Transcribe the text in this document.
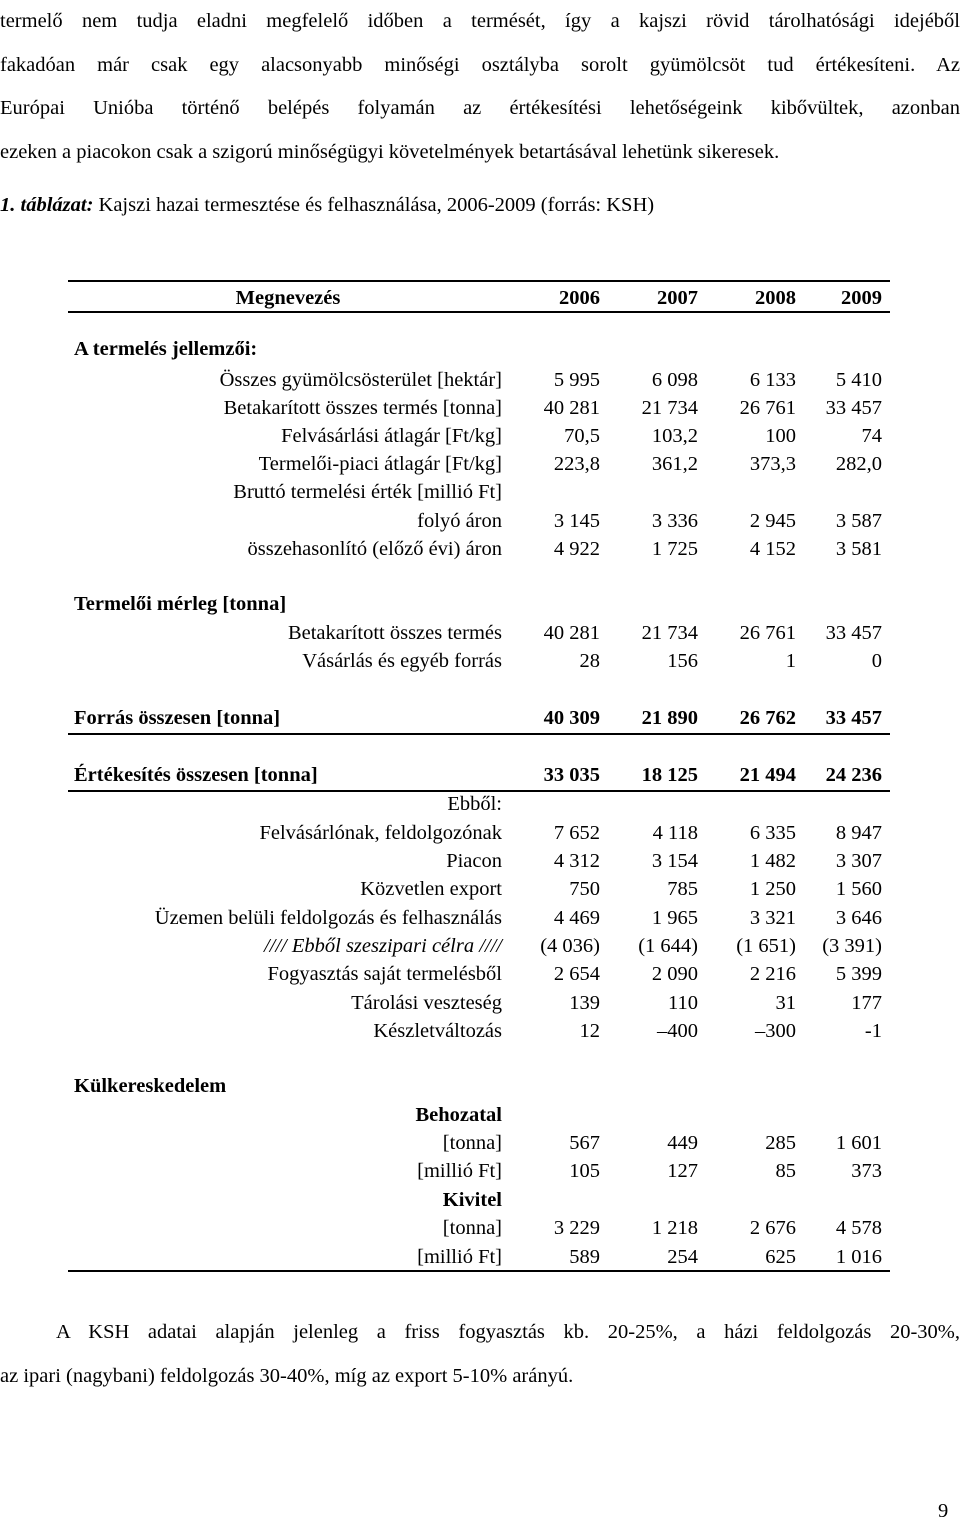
termelő nem tudja eladni megfelelő időben a termését, így a kajszi rövid tárolhatósági idejéből
fakadóan már csak egy alacsonyabb minőségi osztályba sorolt gyümölcsöt tud értékesíteni. Az
Európai Unióba történő belépés folyamán az értékesítési lehetőségeink kibővültek, azonban
ezeken a piacokon csak a szigorú minőségügyi követelmények betartásával lehetünk sikeresek.
1. táblázat: Kajszi hazai termesztése és felhasználása, 2006-2009 (forrás: KSH)
Megnevezés	2006	2007	2008	2009
A termelés jellemzői:
Összes gyümölcsösterület [hektár]	5 995	6 098	6 133	5 410
Betakarított összes termés [tonna]	40 281	21 734	26 761	33 457
Felvásárlási átlagár [Ft/kg]	70,5	103,2	100	74
Termelői-piaci átlagár [Ft/kg]	223,8	361,2	373,3	282,0
Bruttó termelési érték [millió Ft]
folyó áron	3 145	3 336	2 945	3 587
összehasonlító (előző évi) áron	4 922	1 725	4 152	3 581
Termelői mérleg [tonna]
Betakarított összes termés	40 281	21 734	26 761	33 457
Vásárlás és egyéb forrás	28	156	1	0
Forrás összesen [tonna]	40 309	21 890	26 762	33 457
Értékesítés összesen [tonna]	33 035	18 125	21 494	24 236
Ebből:
Felvásárlónak, feldolgozónak	7 652	4 118	6 335	8 947
Piacon	4 312	3 154	1 482	3 307
Közvetlen export	750	785	1 250	1 560
Üzemen belüli feldolgozás és felhasználás	4 469	1 965	3 321	3 646
//// Ebből szeszipari célra ////	(4 036)	(1 644)	(1 651)	(3 391)
Fogyasztás saját termelésből	2 654	2 090	2 216	5 399
Tárolási veszteség	139	110	31	177
Készletváltozás	12	–400	–300	-1
Külkereskedelem
Behozatal
[tonna]	567	449	285	1 601
[millió Ft]	105	127	85	373
Kivitel
[tonna]	3 229	1 218	2 676	4 578
[millió Ft]	589	254	625	1 016
A KSH adatai alapján jelenleg a friss fogyasztás kb. 20-25%, a házi feldolgozás 20-30%,
az ipari (nagybani) feldolgozás 30-40%, míg az export 5-10% arányú.
9
